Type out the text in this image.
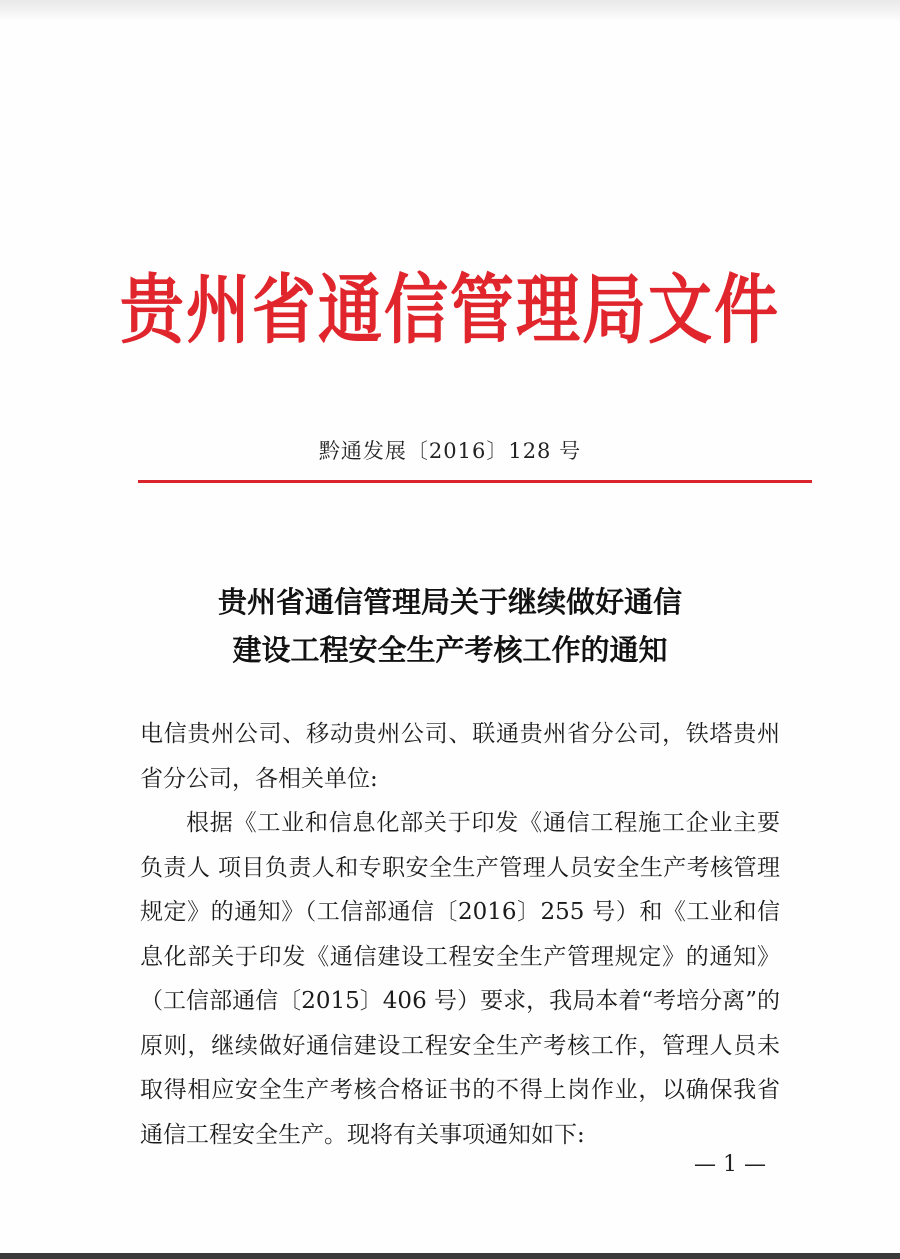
贵州省通信管理局文件
黔通发展〔2016〕128 号
贵州省通信管理局关于继续做好通信
建设工程安全生产考核工作的通知

电信贵州公司、移动贵州公司、联通贵州省分公司，铁塔贵州省分公司，各相关单位:

根据《工业和信息化部关于印发《通信工程施工企业主要负责人 项目负责人和专职安全生产管理人员安全生产考核管理规定》的通知》（工信部通信〔2016〕255 号）和《工业和信息化部关于印发《通信建设工程安全生产管理规定》的通知》（工信部通信〔2015〕406 号）要求，我局本着“考培分离”的原则，继续做好通信建设工程安全生产考核工作，管理人员未取得相应安全生产考核合格证书的不得上岗作业，以确保我省通信工程安全生产。现将有关事项通知如下:

— 1 —
